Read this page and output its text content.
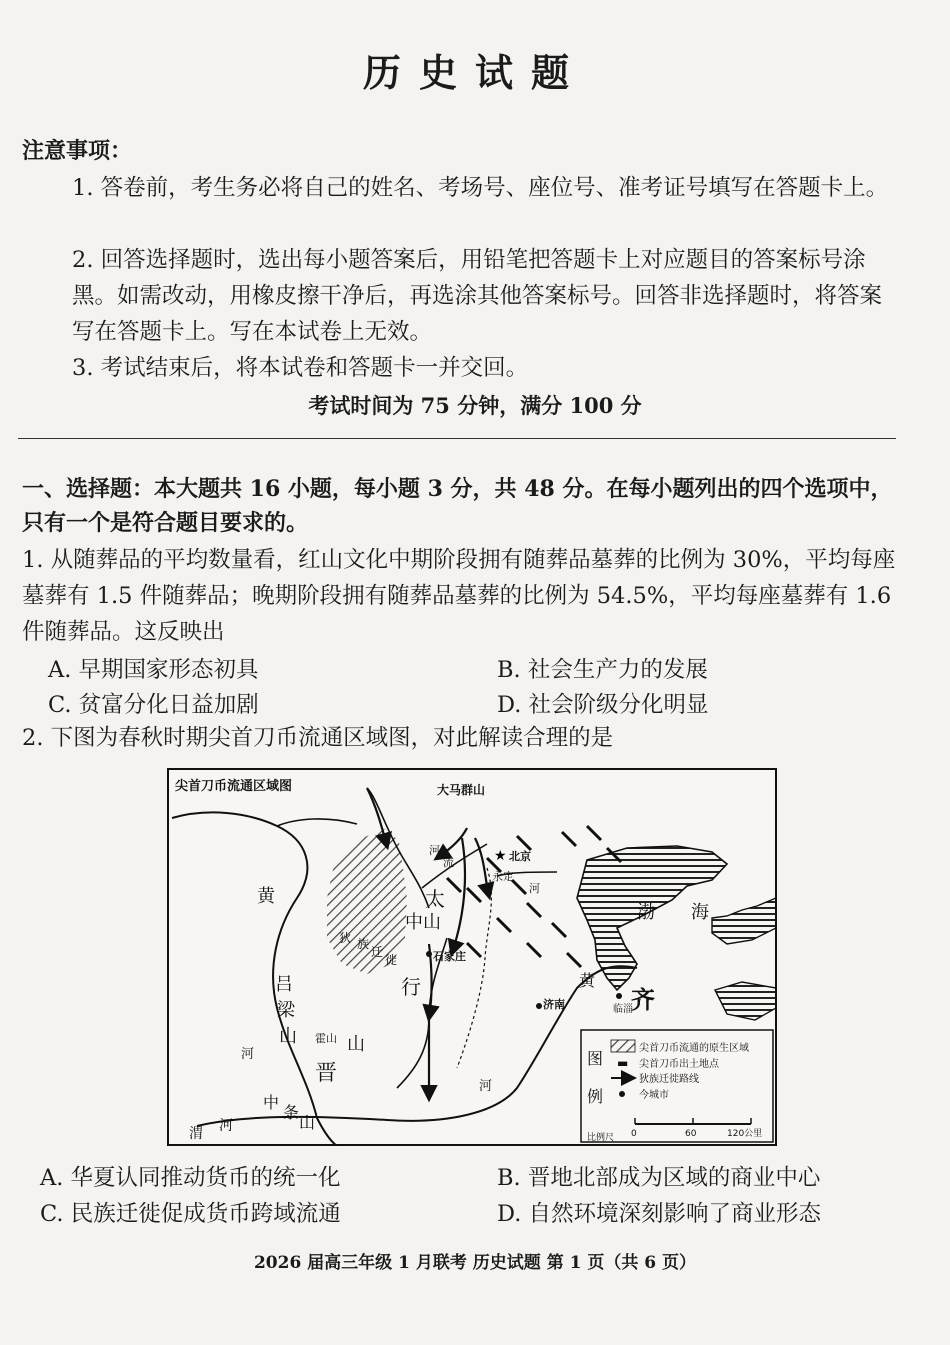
历史试题
注意事项：
1. 答卷前，考生务必将自己的姓名、考场号、座位号、准考证号填写在答题卡上。
2. 回答选择题时，选出每小题答案后，用铅笔把答题卡上对应题目的答案标号涂黑。如需改动，用橡皮擦干净后，再选涂其他答案标号。回答非选择题时，将答案写在答题卡上。写在本试卷上无效。
3. 考试结束后，将本试卷和答题卡一并交回。
考试时间为 75 分钟，满分 100 分
一、选择题：本大题共 16 小题，每小题 3 分，共 48 分。在每小题列出的四个选项中，只有一个是符合题目要求的。
1. 从随葬品的平均数量看，红山文化中期阶段拥有随葬品墓葬的比例为 30%，平均每座墓葬有 1.5 件随葬品；晚期阶段拥有随葬品墓葬的比例为 54.5%，平均每座墓葬有 1.6 件随葬品。这反映出
A. 早期国家形态初具	B. 社会生产力的发展
C. 贫富分化日益加剧	D. 社会阶级分化明显
2. 下图为春秋时期尖首刀币流通区域图，对此解读合理的是
★
尖首刀币流通区域图	大马群山
北京
河
流
永定
河
太
中山
行
石家庄
狄 族
迁
徙
黄
吕
梁
山 霍山
河
晋
山
中
条
山
渭 河
渤 海
齐
济南	临淄
黄
河
图
例
尖首刀币流通的原生区域
▬ 尖首刀币出土地点
狄族迁徙路线
今城市
比例尺 0	60	120公里
A. 华夏认同推动货币的统一化	B. 晋地北部成为区域的商业中心
C. 民族迁徙促成货币跨域流通	D. 自然环境深刻影响了商业形态
2026 届高三年级 1 月联考 历史试题 第 1 页（共 6 页）
